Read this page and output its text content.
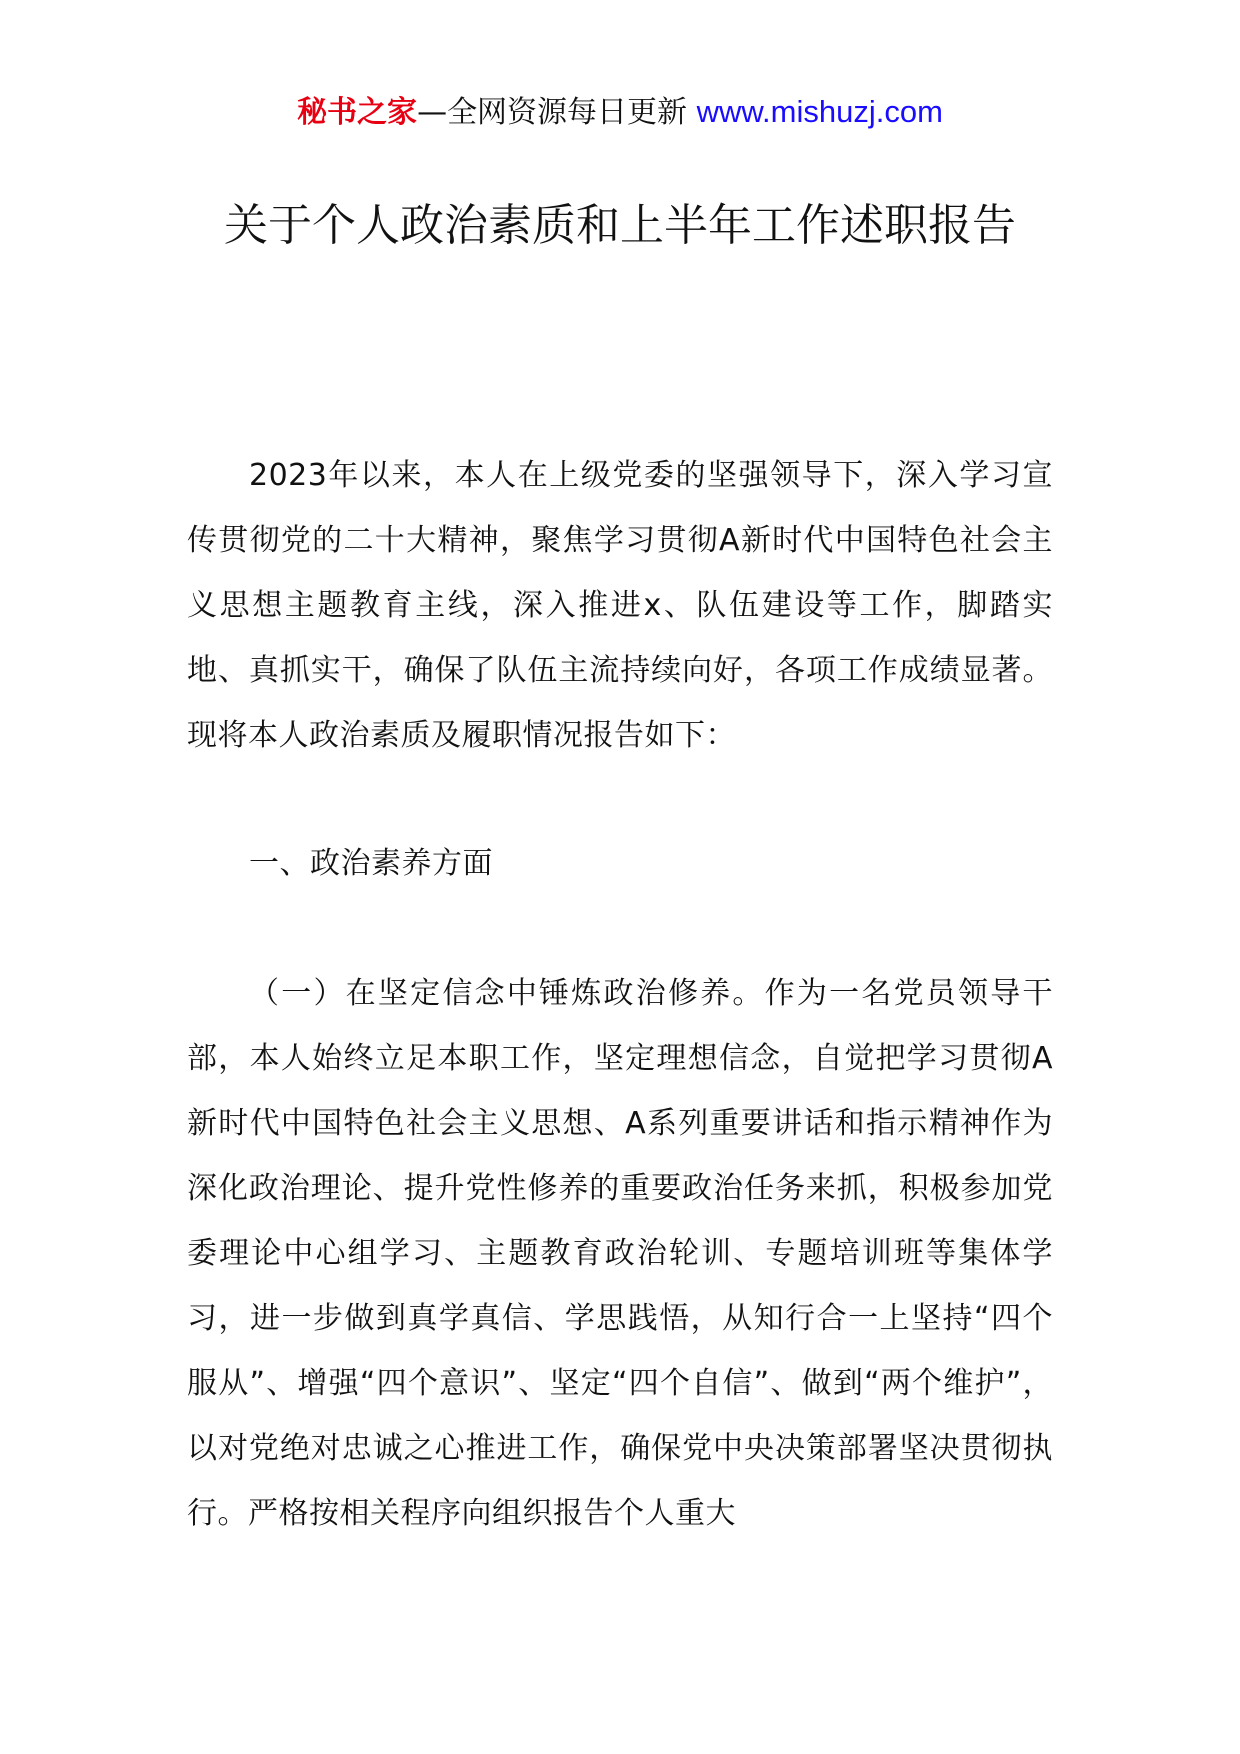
秘书之家—全网资源每日更新 www.mishuzj.com
关于个人政治素质和上半年工作述职报告

2023年以来，本人在上级党委的坚强领导下，深入学习宣传贯彻党的二十大精神，聚焦学习贯彻A新时代中国特色社会主义思想主题教育主线，深入推进x、队伍建设等工作，脚踏实地、真抓实干，确保了队伍主流持续向好，各项工作成绩显著。现将本人政治素质及履职情况报告如下：

一、政治素养方面

（一）在坚定信念中锤炼政治修养。作为一名党员领导干部，本人始终立足本职工作，坚定理想信念，自觉把学习贯彻A新时代中国特色社会主义思想、A系列重要讲话和指示精神作为深化政治理论、提升党性修养的重要政治任务来抓，积极参加党委理论中心组学习、主题教育政治轮训、专题培训班等集体学习，进一步做到真学真信、学思践悟，从知行合一上坚持“四个服从”、增强“四个意识”、坚定“四个自信”、做到“两个维护”，以对党绝对忠诚之心推进工作，确保党中央决策部署坚决贯彻执行。严格按相关程序向组织报告个人重大
